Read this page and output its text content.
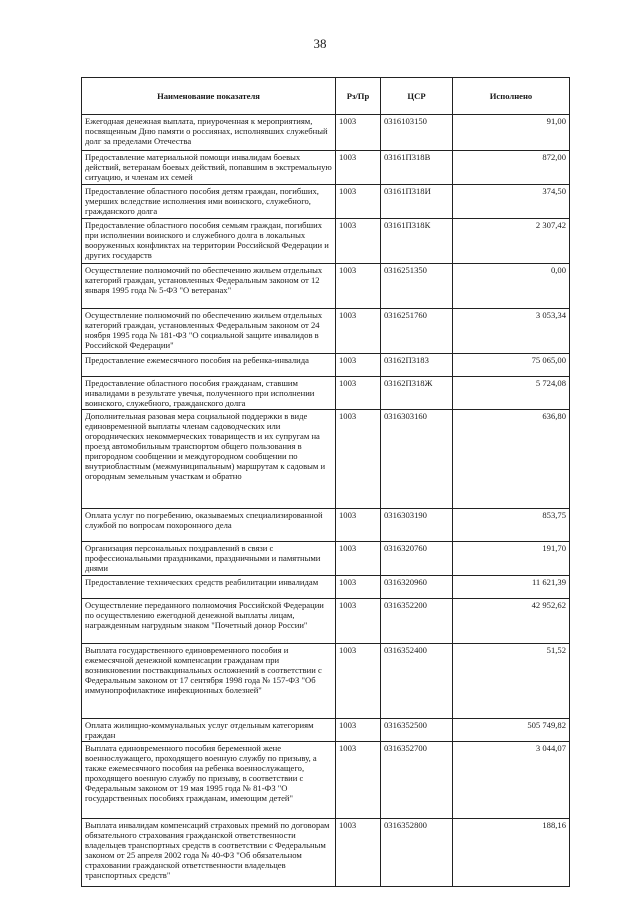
38
Наименование показателя	Рз/Пр	ЦСР	Исполнено
Ежегодная денежная выплата, приуроченная к мероприятиям, посвященным Дню памяти о россиянах, исполнявших служебный долг за пределами Отечества	1003	0316103150	91,00
Предоставление материальной помощи инвалидам боевых действий, ветеранам боевых действий, попавшим в экстремальную ситуацию, и членам их семей	1003	03161П318В	872,00
Предоставление областного пособия детям граждан, погибших, умерших вследствие исполнения ими воинского, служебного, гражданского долга	1003	03161П318И	374,50
Предоставление областного пособия семьям граждан, погибших при исполнении воинского и служебного долга в локальных вооруженных конфликтах на территории Российской Федерации и других государств	1003	03161П318К	2 307,42
Осуществление полномочий по обеспечению жильем отдельных категорий граждан, установленных Федеральным законом от 12 января 1995 года № 5-ФЗ "О ветеранах"	1003	0316251350	0,00
Осуществление полномочий по обеспечению жильем отдельных категорий граждан, установленных Федеральным законом от 24 ноября 1995 года № 181-ФЗ "О социальной защите инвалидов в Российской Федерации"	1003	0316251760	3 053,34
Предоставление ежемесячного пособия на ребенка-инвалида	1003	03162П3183	75 065,00
Предоставление областного пособия гражданам, ставшим инвалидами в результате увечья, полученного при исполнении воинского, служебного, гражданского долга	1003	03162П318Ж	5 724,08
Дополнительная разовая мера социальной поддержки в виде единовременной выплаты членам садоводческих или огороднических некоммерческих товариществ и их супругам на проезд автомобильным транспортом общего пользования в пригородном сообщении и междугородном сообщении по внутриобластным (межмуниципальным) маршрутам к садовым и огородным земельным участкам и обратно	1003	0316303160	636,80
Оплата услуг по погребению, оказываемых специализированной службой по вопросам похоронного дела	1003	0316303190	853,75
Организация персональных поздравлений в связи с профессиональными праздниками, праздничными и памятными днями	1003	0316320760	191,70
Предоставление технических средств реабилитации инвалидам	1003	0316320960	11 621,39
Осуществление переданного полномочия Российской Федерации по осуществлению ежегодной денежной выплаты лицам, награжденным нагрудным знаком "Почетный донор России"	1003	0316352200	42 952,62
Выплата государственного единовременного пособия и ежемесячной денежной компенсации гражданам при возникновении поствакцинальных осложнений в соответствии с Федеральным законом от 17 сентября 1998 года № 157-ФЗ "Об иммунопрофилактике инфекционных болезней"	1003	0316352400	51,52
Оплата жилищно-коммунальных услуг отдельным категориям граждан	1003	0316352500	505 749,82
Выплата единовременного пособия беременной жене военнослужащего, проходящего военную службу по призыву, а также ежемесячного пособия на ребенка военнослужащего, проходящего военную службу по призыву, в соответствии с Федеральным законом от 19 мая 1995 года № 81-ФЗ "О государственных пособиях гражданам, имеющим детей"	1003	0316352700	3 044,07
Выплата инвалидам компенсаций страховых премий по договорам обязательного страхования гражданской ответственности владельцев транспортных средств в соответствии с Федеральным законом от 25 апреля 2002 года № 40-ФЗ "Об обязательном страховании гражданской ответственности владельцев транспортных средств"	1003	0316352800	188,16
